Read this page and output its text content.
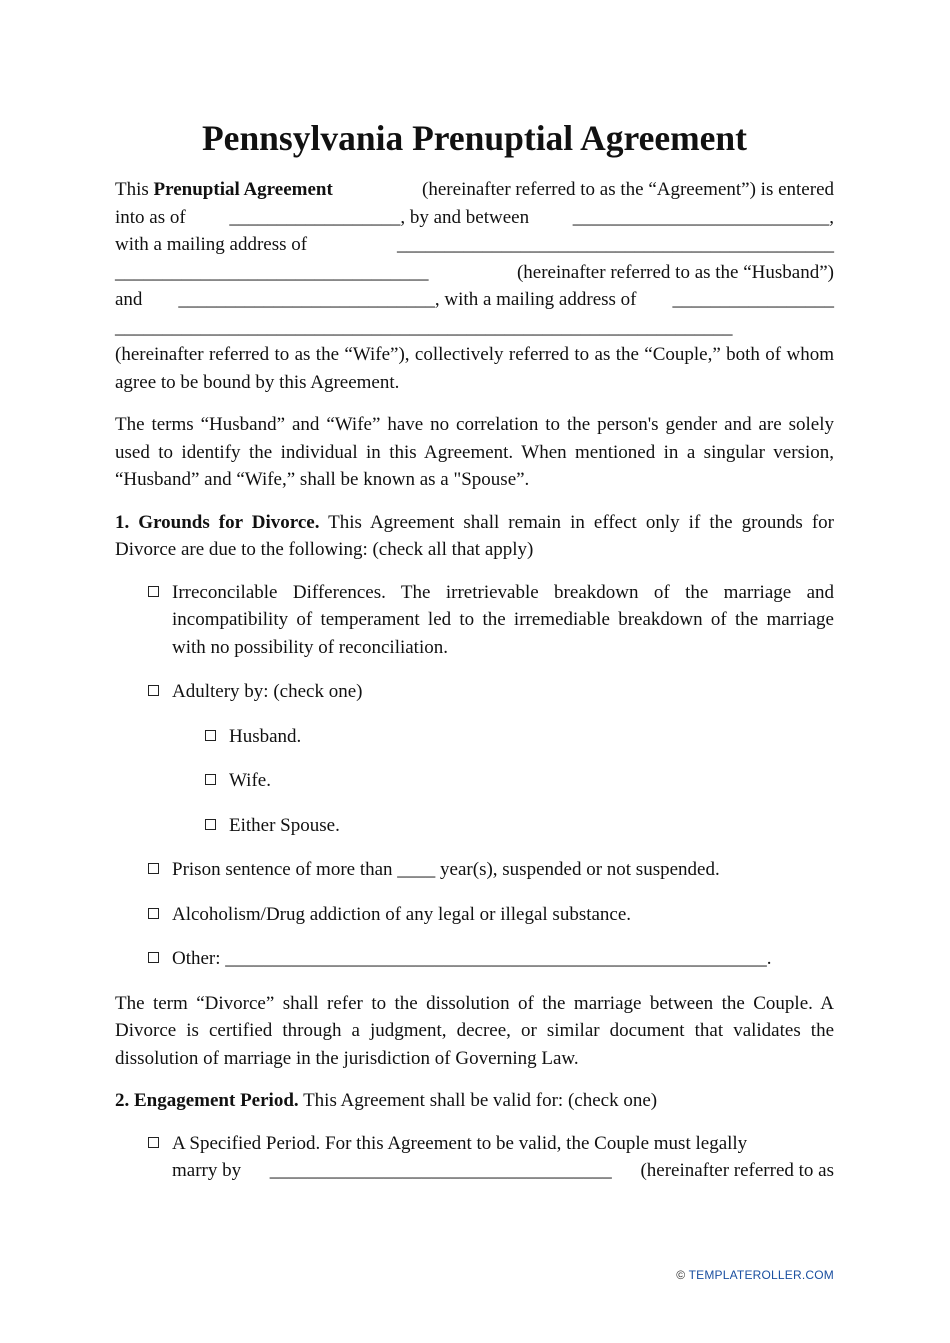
Pennsylvania Prenuptial Agreement
This Prenuptial Agreement	(hereinafter referred to as the “Agreement”) is entered
into as of __________________, by and between ___________________________,
with a mailing address of	______________________________________________
_________________________________	(hereinafter referred to as the “Husband”)
and ___________________________, with a mailing address of _________________
_________________________________________________________________
(hereinafter referred to as the “Wife”), collectively referred to as the “Couple,” both of whom agree to be bound by this Agreement.

The terms “Husband” and “Wife” have no correlation to the person's gender and are solely used to identify the individual in this Agreement. When mentioned in a singular version, “Husband” and “Wife,” shall be known as a "Spouse”.

1. Grounds for Divorce. This Agreement shall remain in effect only if the grounds for Divorce are due to the following: (check all that apply)

Irreconcilable Differences. The irretrievable breakdown of the marriage and incompatibility of temperament led to the irremediable breakdown of the marriage with no possibility of reconciliation.
Adultery by: (check one)
Husband.
Wife.
Either Spouse.
Prison sentence of more than ____ year(s), suspended or not suspended.
Alcoholism/Drug addiction of any legal or illegal substance.
Other: _________________________________________________________.

The term “Divorce” shall refer to the dissolution of the marriage between the Couple. A Divorce is certified through a judgment, decree, or similar document that validates the dissolution of marriage in the jurisdiction of Governing Law.

2. Engagement Period. This Agreement shall be valid for: (check one)

A Specified Period. For this Agreement to be valid, the Couple must legally
marry by ____________________________________ (hereinafter referred to as
© TEMPLATEROLLER.COM
